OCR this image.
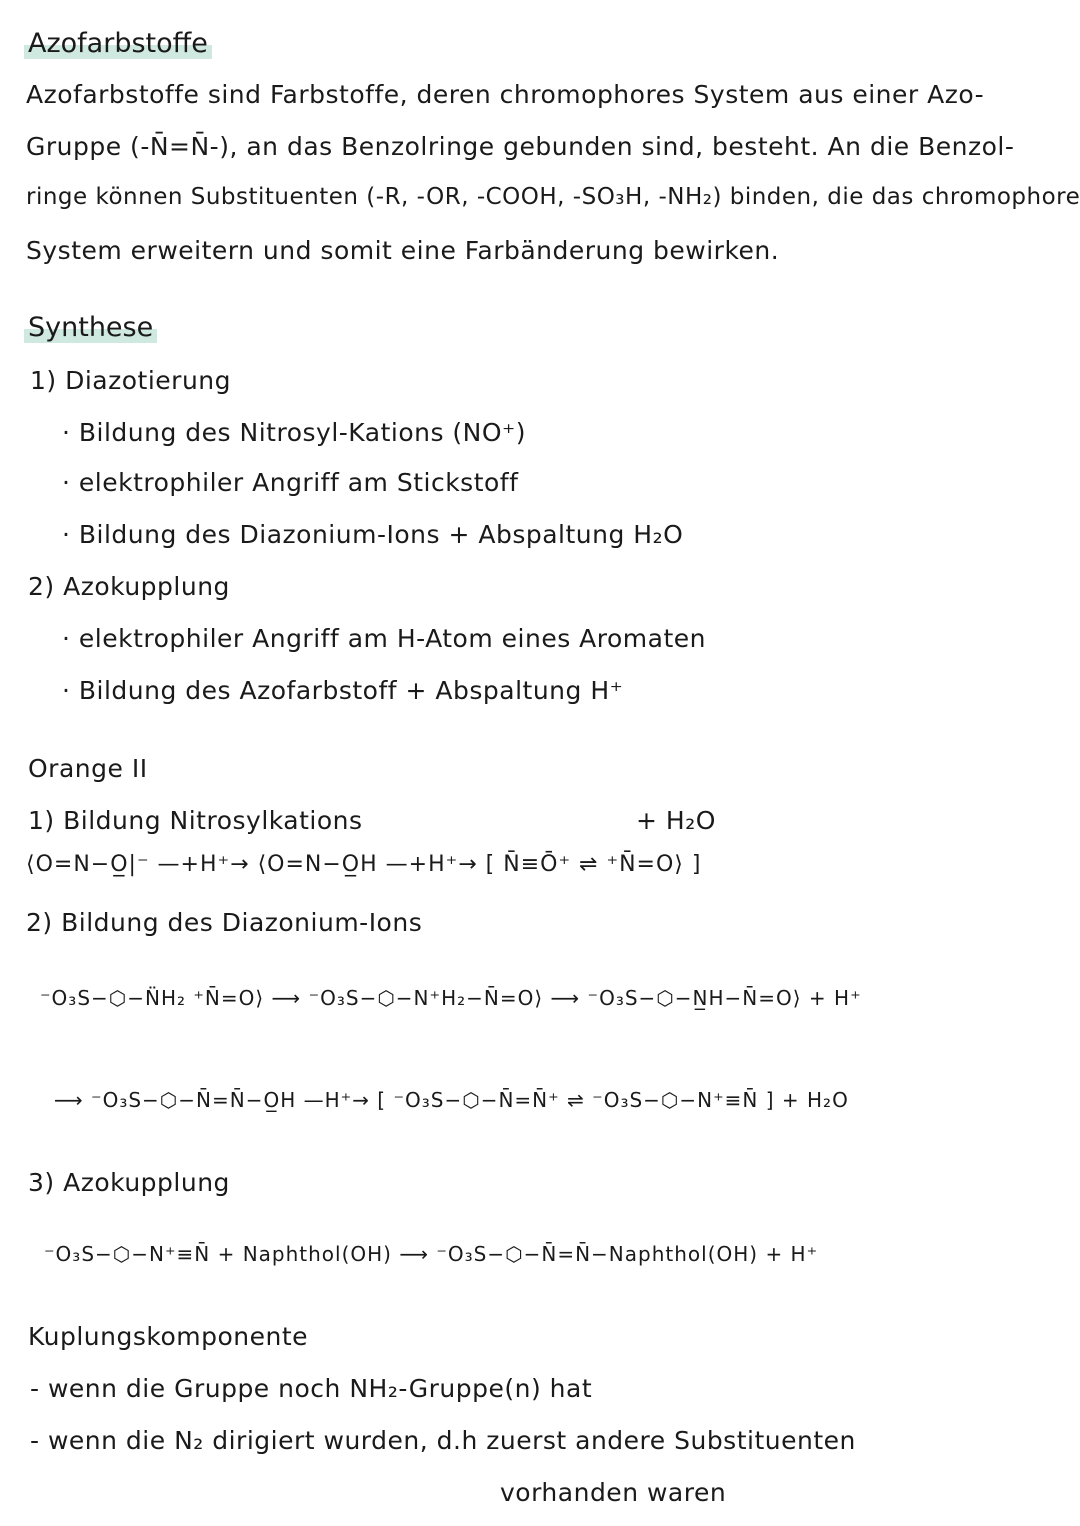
Azofarbstoffe
Azofarbstoffe sind Farbstoffe, deren chromophores System aus einer Azo-
Gruppe (-N̄=N̄-), an das Benzolringe gebunden sind, besteht. An die Benzol-
ringe können Substituenten (-R, -OR, -COOH, -SO₃H, -NH₂) binden, die das chromophore
System erweitern und somit eine Farbänderung bewirken.
Synthese
1) Diazotierung
· Bildung des Nitrosyl-Kations (NO⁺)
· elektrophiler Angriff am Stickstoff
· Bildung des Diazonium-Ions + Abspaltung H₂O
2) Azokupplung
· elektrophiler Angriff am H-Atom eines Aromaten
· Bildung des Azofarbstoff + Abspaltung H⁺
Orange II
1) Bildung Nitrosylkations	+ H₂O
⟨O=N−O̲|⁻ —+H⁺→ ⟨O=N−O̲H —+H⁺→ [ N̄≡Ō⁺ ⇌ ⁺N̄=O⟩ ]
2) Bildung des Diazonium-Ions
⁻O₃S−⬡−N̈H₂ ⁺N̄=O⟩ ⟶ ⁻O₃S−⬡−N⁺H₂−N̄=O⟩ ⟶ ⁻O₃S−⬡−N̲H−N̄=O⟩ + H⁺
⟶ ⁻O₃S−⬡−N̄=N̄−O̲H —H⁺→ [ ⁻O₃S−⬡−N̄=N̄⁺ ⇌ ⁻O₃S−⬡−N⁺≡N̄ ] + H₂O
3) Azokupplung
⁻O₃S−⬡−N⁺≡N̄ + Naphthol(OH) ⟶ ⁻O₃S−⬡−N̄=N̄−Naphthol(OH) + H⁺
Kuplungskomponente
- wenn die Gruppe noch NH₂-Gruppe(n) hat
- wenn die N₂ dirigiert wurden, d.h zuerst andere Substituenten
vorhanden waren
